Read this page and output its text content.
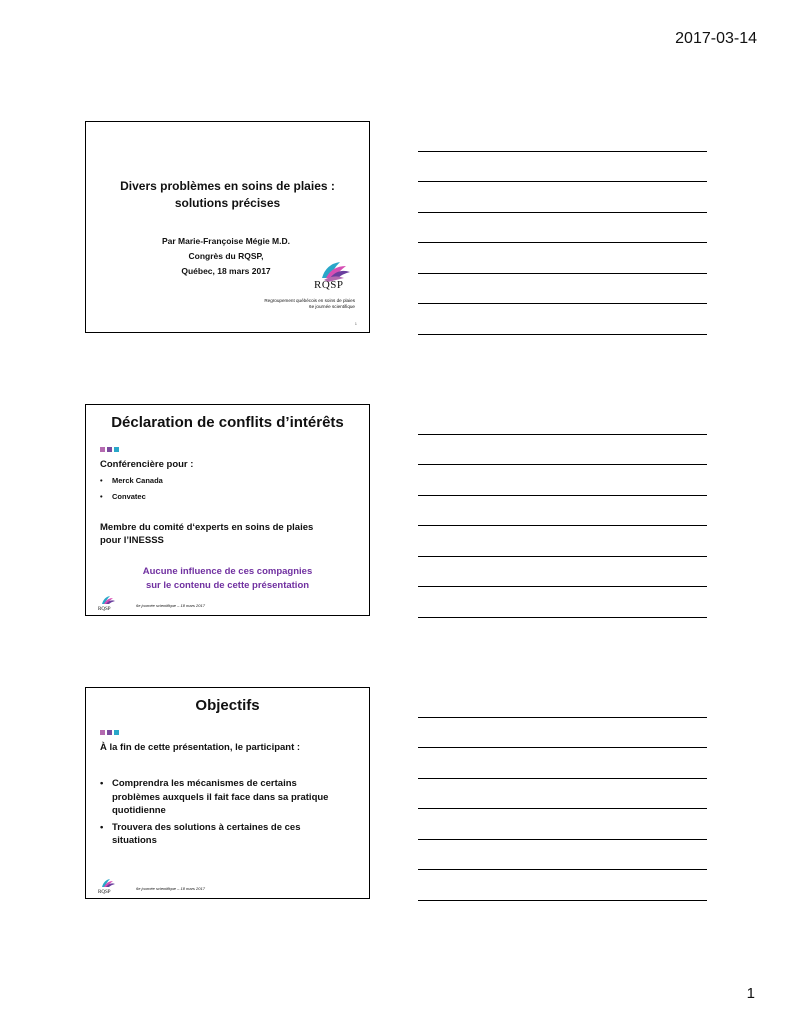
2017-03-14
Divers problèmes en soins de plaies :
solutions précises
Par Marie-Françoise Mégie M.D.
Congrès du RQSP,
Québec, 18 mars 2017
RQSP
Regroupement québécois en soins de plaies
6e journée scientifique
1
Déclaration de conflits d’intérêts
Conférencière pour :
• Merck Canada
• Convatec
Membre du comité d‘experts en soins de plaies
pour l’INESSS
Aucune influence de ces compagnies
sur le contenu de cette présentation
RQSP
6e journée scientifique – 18 mars 2017
Objectifs
À la fin de cette présentation, le participant :
• Comprendra les mécanismes de certains problèmes auxquels il fait face dans sa pratique quotidienne
• Trouvera des solutions à certaines de ces situations
RQSP
6e journée scientifique – 18 mars 2017
1
